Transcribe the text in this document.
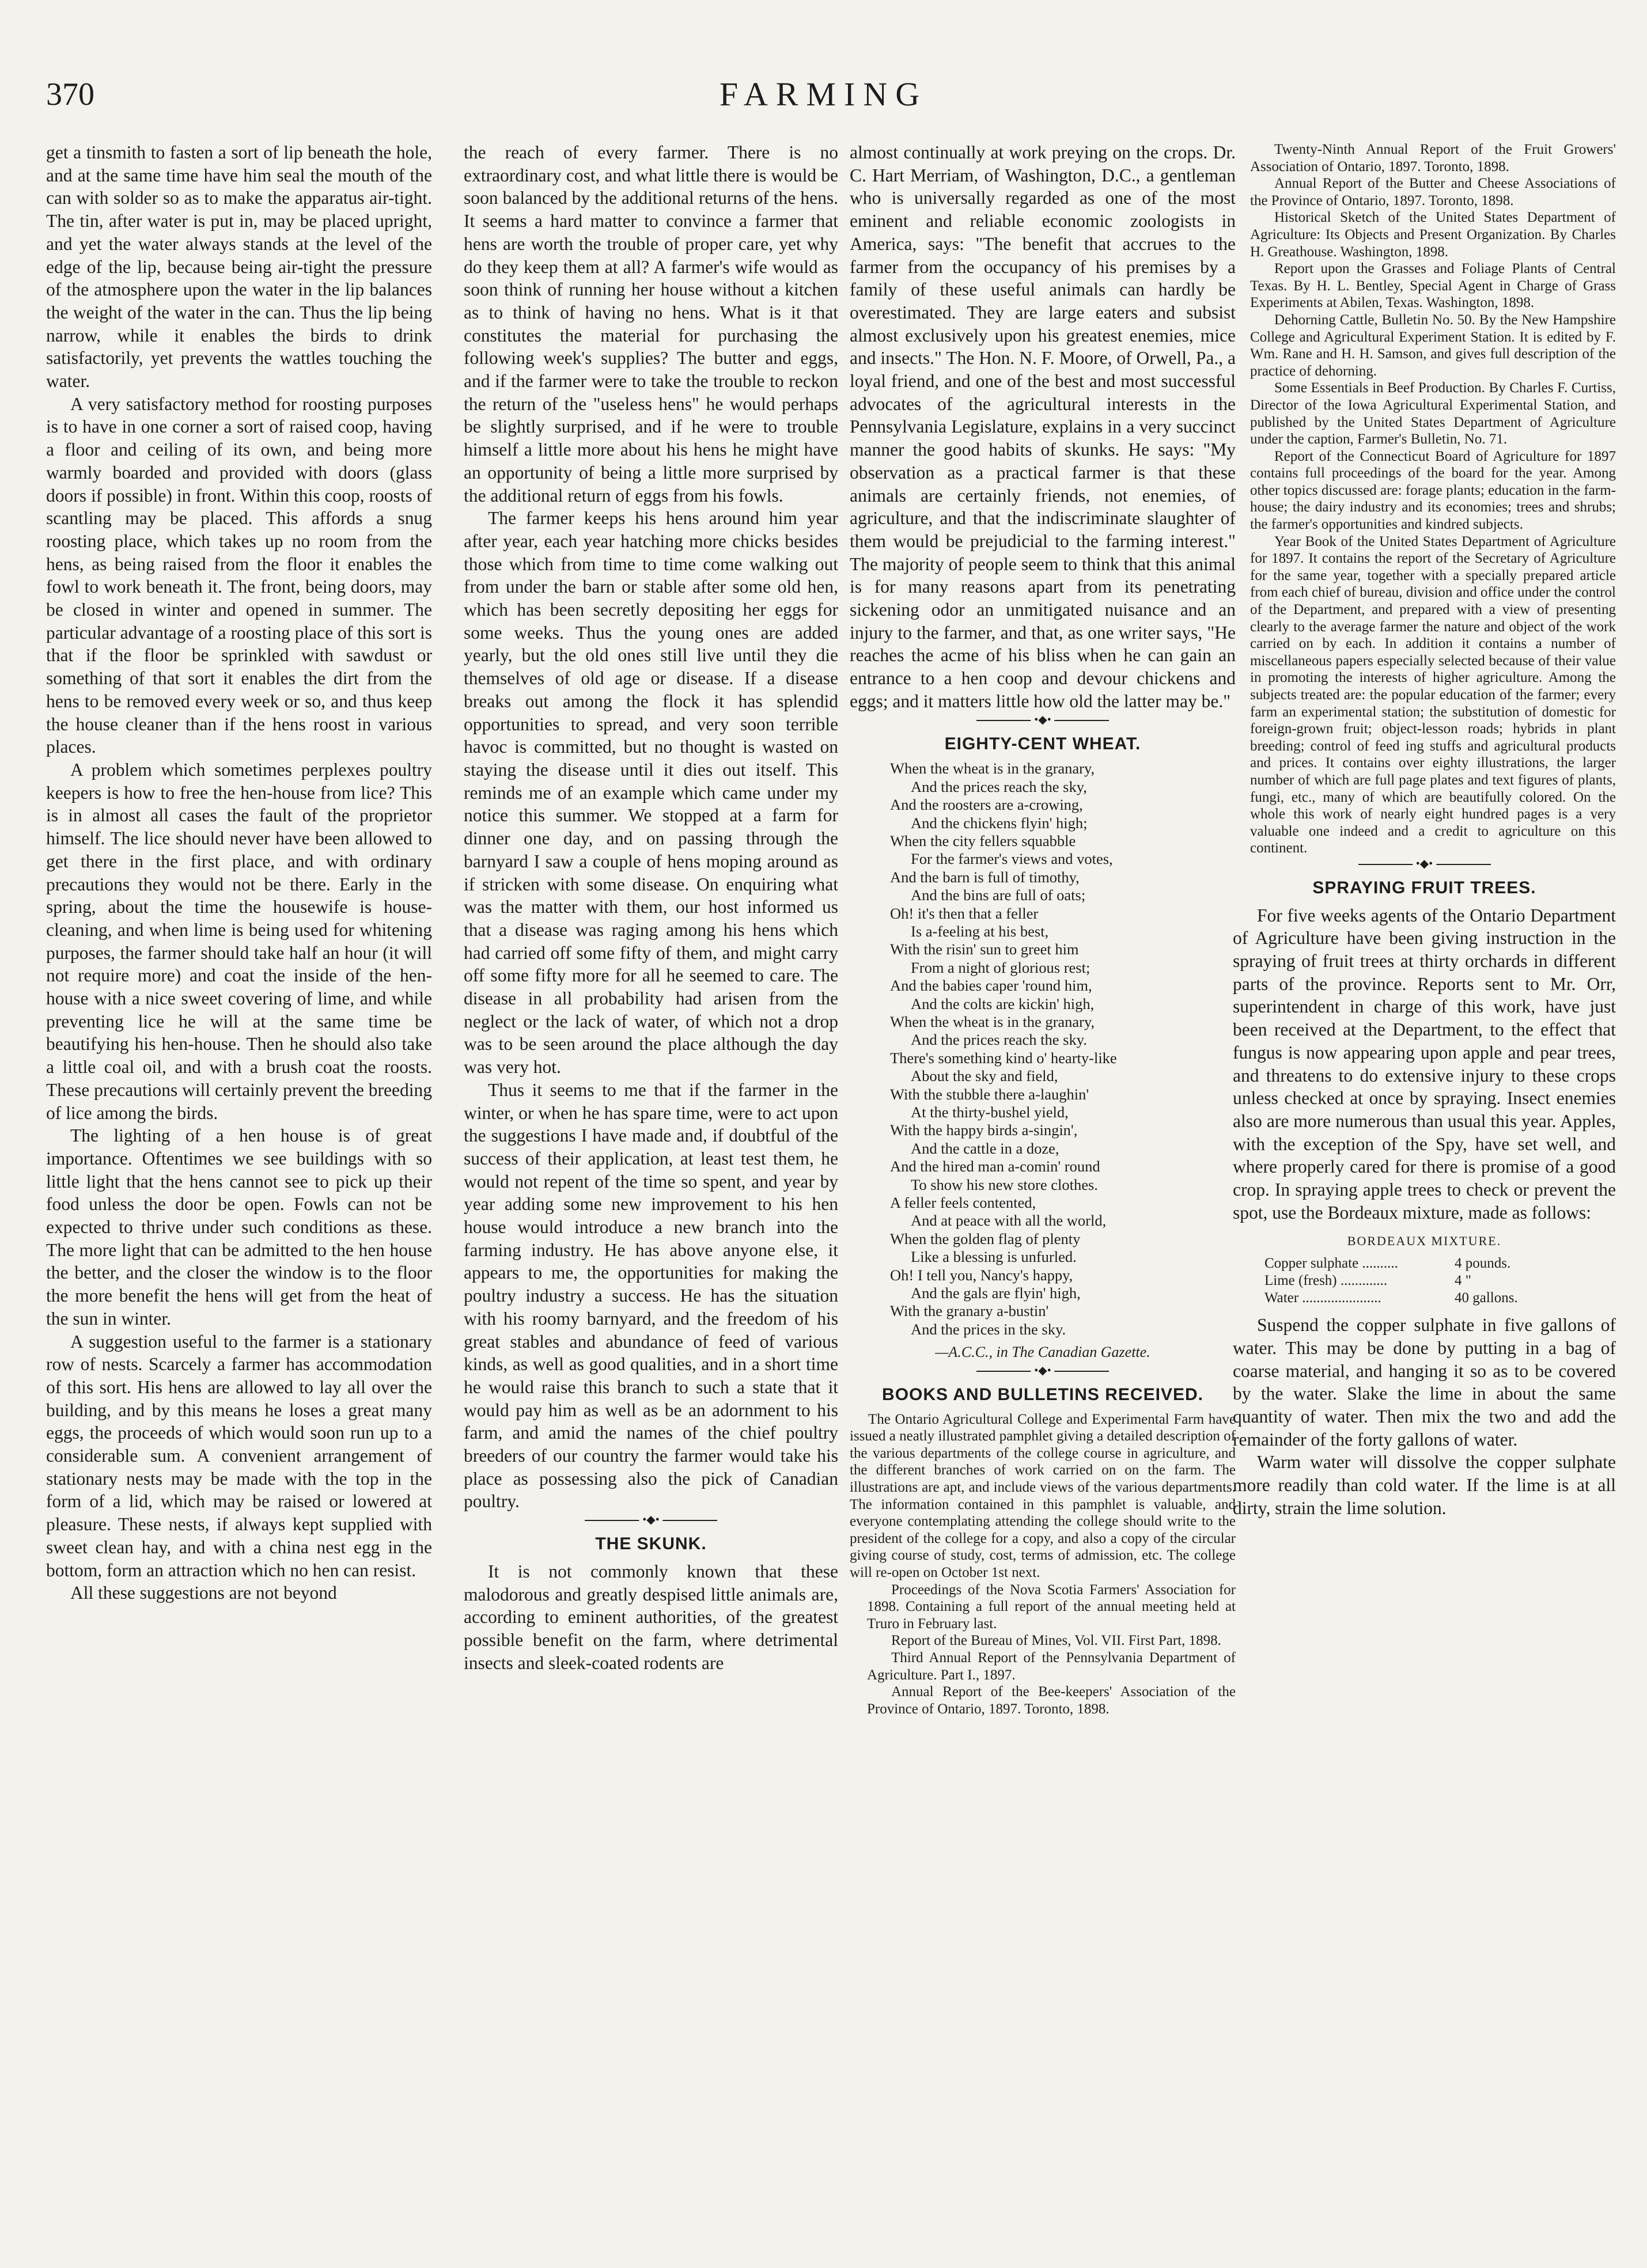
370	FARMING

get a tinsmith to fasten a sort of lip beneath the hole, and at the same time have him seal the mouth of the can with solder so as to make the apparatus air-tight. The tin, after water is put in, may be placed upright, and yet the water always stands at the level of the edge of the lip, because being air-tight the pressure of the atmosphere upon the water in the lip balances the weight of the water in the can. Thus the lip being narrow, while it enables the birds to drink satisfactorily, yet prevents the wattles touching the water.

A very satisfactory method for roosting purposes is to have in one corner a sort of raised coop, having a floor and ceiling of its own, and being more warmly boarded and provided with doors (glass doors if possible) in front. Within this coop, roosts of scantling may be placed. This affords a snug roosting place, which takes up no room from the hens, as being raised from the floor it enables the fowl to work beneath it. The front, being doors, may be closed in winter and opened in summer. The particular advantage of a roosting place of this sort is that if the floor be sprinkled with sawdust or something of that sort it enables the dirt from the hens to be removed every week or so, and thus keep the house cleaner than if the hens roost in various places.

A problem which sometimes perplexes poultry keepers is how to free the hen-house from lice? This is in almost all cases the fault of the proprietor himself. The lice should never have been allowed to get there in the first place, and with ordinary precautions they would not be there. Early in the spring, about the time the housewife is house-cleaning, and when lime is being used for whitening purposes, the farmer should take half an hour (it will not require more) and coat the inside of the hen-house with a nice sweet covering of lime, and while preventing lice he will at the same time be beautifying his hen-house. Then he should also take a little coal oil, and with a brush coat the roosts. These precautions will certainly prevent the breeding of lice among the birds.

The lighting of a hen house is of great importance. Oftentimes we see buildings with so little light that the hens cannot see to pick up their food unless the door be open. Fowls can not be expected to thrive under such conditions as these. The more light that can be admitted to the hen house the better, and the closer the window is to the floor the more benefit the hens will get from the heat of the sun in winter.

A suggestion useful to the farmer is a stationary row of nests. Scarcely a farmer has accommodation of this sort. His hens are allowed to lay all over the building, and by this means he loses a great many eggs, the proceeds of which would soon run up to a considerable sum. A convenient arrangement of stationary nests may be made with the top in the form of a lid, which may be raised or lowered at pleasure. These nests, if always kept supplied with sweet clean hay, and with a china nest egg in the bottom, form an attraction which no hen can resist.

All these suggestions are not beyond

the reach of every farmer. There is no extraordinary cost, and what little there is would be soon balanced by the additional returns of the hens. It seems a hard matter to convince a farmer that hens are worth the trouble of proper care, yet why do they keep them at all? A farmer's wife would as soon think of running her house without a kitchen as to think of having no hens. What is it that constitutes the material for purchasing the following week's supplies? The butter and eggs, and if the farmer were to take the trouble to reckon the return of the "useless hens" he would perhaps be slightly surprised, and if he were to trouble himself a little more about his hens he might have an opportunity of being a little more surprised by the additional return of eggs from his fowls.

The farmer keeps his hens around him year after year, each year hatching more chicks besides those which from time to time come walking out from under the barn or stable after some old hen, which has been secretly depositing her eggs for some weeks. Thus the young ones are added yearly, but the old ones still live until they die themselves of old age or disease. If a disease breaks out among the flock it has splendid opportunities to spread, and very soon terrible havoc is committed, but no thought is wasted on staying the disease until it dies out itself. This reminds me of an example which came under my notice this summer. We stopped at a farm for dinner one day, and on passing through the barnyard I saw a couple of hens moping around as if stricken with some disease. On enquiring what was the matter with them, our host informed us that a disease was raging among his hens which had carried off some fifty of them, and might carry off some fifty more for all he seemed to care. The disease in all probability had arisen from the neglect or the lack of water, of which not a drop was to be seen around the place although the day was very hot.

Thus it seems to me that if the farmer in the winter, or when he has spare time, were to act upon the suggestions I have made and, if doubtful of the success of their application, at least test them, he would not repent of the time so spent, and year by year adding some new improvement to his hen house would introduce a new branch into the farming industry. He has above anyone else, it appears to me, the opportunities for making the poultry industry a success. He has the situation with his roomy barnyard, and the freedom of his great stables and abundance of feed of various kinds, as well as good qualities, and in a short time he would raise this branch to such a state that it would pay him as well as be an adornment to his farm, and amid the names of the chief poultry breeders of our country the farmer would take his place as possessing also the pick of Canadian poultry.

•◆•
THE SKUNK.

It is not commonly known that these malodorous and greatly despised little animals are, according to eminent authorities, of the greatest possible benefit on the farm, where detrimental insects and sleek-coated rodents are

almost continually at work preying on the crops. Dr. C. Hart Merriam, of Washington, D.C., a gentleman who is universally regarded as one of the most eminent and reliable economic zoologists in America, says: "The benefit that accrues to the farmer from the occupancy of his premises by a family of these useful animals can hardly be overestimated. They are large eaters and subsist almost exclusively upon his greatest enemies, mice and insects." The Hon. N. F. Moore, of Orwell, Pa., a loyal friend, and one of the best and most successful advocates of the agricultural interests in the Pennsylvania Legislature, explains in a very succinct manner the good habits of skunks. He says: "My observation as a practical farmer is that these animals are certainly friends, not enemies, of agriculture, and that the indiscriminate slaughter of them would be prejudicial to the farming interest." The majority of people seem to think that this animal is for many reasons apart from its penetrating sickening odor an unmitigated nuisance and an injury to the farmer, and that, as one writer says, "He reaches the acme of his bliss when he can gain an entrance to a hen coop and devour chickens and eggs; and it matters little how old the latter may be."

•◆•
EIGHTY-CENT WHEAT.
When the wheat is in the granary,
And the prices reach the sky,
And the roosters are a-crowing,
And the chickens flyin' high;
When the city fellers squabble
For the farmer's views and votes,
And the barn is full of timothy,
And the bins are full of oats;
Oh! it's then that a feller
Is a-feeling at his best,
With the risin' sun to greet him
From a night of glorious rest;
And the babies caper 'round him,
And the colts are kickin' high,
When the wheat is in the granary,
And the prices reach the sky.
There's something kind o' hearty-like
About the sky and field,
With the stubble there a-laughin'
At the thirty-bushel yield,
With the happy birds a-singin',
And the cattle in a doze,
And the hired man a-comin' round
To show his new store clothes.
A feller feels contented,
And at peace with all the world,
When the golden flag of plenty
Like a blessing is unfurled.
Oh! I tell you, Nancy's happy,
And the gals are flyin' high,
With the granary a-bustin'
And the prices in the sky.
—A.C.C., in The Canadian Gazette.
•◆•
BOOKS AND BULLETINS RECEIVED.

The Ontario Agricultural College and Experimental Farm have issued a neatly illustrated pamphlet giving a detailed description of the various departments of the college course in agriculture, and the different branches of work carried on on the farm. The illustrations are apt, and include views of the various departments. The information contained in this pamphlet is valuable, and everyone contemplating attending the college should write to the president of the college for a copy, and also a copy of the circular giving course of study, cost, terms of admission, etc. The college will re-open on October 1st next.

Proceedings of the Nova Scotia Farmers' Association for 1898. Containing a full report of the annual meeting held at Truro in February last.

Report of the Bureau of Mines, Vol. VII. First Part, 1898.

Third Annual Report of the Pennsylvania Department of Agriculture. Part I., 1897.

Annual Report of the Bee-keepers' Association of the Province of Ontario, 1897. Toronto, 1898.

Twenty-Ninth Annual Report of the Fruit Growers' Association of Ontario, 1897. Toronto, 1898.

Annual Report of the Butter and Cheese Associations of the Province of Ontario, 1897. Toronto, 1898.

Historical Sketch of the United States Department of Agriculture: Its Objects and Present Organization. By Charles H. Greathouse. Washington, 1898.

Report upon the Grasses and Foliage Plants of Central Texas. By H. L. Bentley, Special Agent in Charge of Grass Experiments at Abilen, Texas. Washington, 1898.

Dehorning Cattle, Bulletin No. 50. By the New Hampshire College and Agricultural Experiment Station. It is edited by F. Wm. Rane and H. H. Samson, and gives full description of the practice of dehorning.

Some Essentials in Beef Production. By Charles F. Curtiss, Director of the Iowa Agricultural Experimental Station, and published by the United States Department of Agriculture under the caption, Farmer's Bulletin, No. 71.

Report of the Connecticut Board of Agriculture for 1897 contains full proceedings of the board for the year. Among other topics discussed are: forage plants; education in the farm-house; the dairy industry and its economies; trees and shrubs; the farmer's opportunities and kindred subjects.

Year Book of the United States Department of Agriculture for 1897. It contains the report of the Secretary of Agriculture for the same year, together with a specially prepared article from each chief of bureau, division and office under the control of the Department, and prepared with a view of presenting clearly to the average farmer the nature and object of the work carried on by each. In addition it contains a number of miscellaneous papers especially selected because of their value in promoting the interests of higher agriculture. Among the subjects treated are: the popular education of the farmer; every farm an experimental station; the substitution of domestic for foreign-grown fruit; object-lesson roads; hybrids in plant breeding; control of feed ing stuffs and agricultural products and prices. It contains over eighty illustrations, the larger number of which are full page plates and text figures of plants, fungi, etc., many of which are beautifully colored. On the whole this work of nearly eight hundred pages is a very valuable one indeed and a credit to agriculture on this continent.

•◆•
SPRAYING FRUIT TREES.

For five weeks agents of the Ontario Department of Agriculture have been giving instruction in the spraying of fruit trees at thirty orchards in different parts of the province. Reports sent to Mr. Orr, superintendent in charge of this work, have just been received at the Department, to the effect that fungus is now appearing upon apple and pear trees, and threatens to do extensive injury to these crops unless checked at once by spraying. Insect enemies also are more numerous than usual this year. Apples, with the exception of the Spy, have set well, and where properly cared for there is promise of a good crop. In spraying apple trees to check or prevent the spot, use the Bordeaux mixture, made as follows:

BORDEAUX MIXTURE.
Copper sulphate ..........	4 pounds.
Lime (fresh) .............	4 "
Water ......................	40 gallons.

Suspend the copper sulphate in five gallons of water. This may be done by putting in a bag of coarse material, and hanging it so as to be covered by the water. Slake the lime in about the same quantity of water. Then mix the two and add the remainder of the forty gallons of water.

Warm water will dissolve the copper sulphate more readily than cold water. If the lime is at all dirty, strain the lime solution.
